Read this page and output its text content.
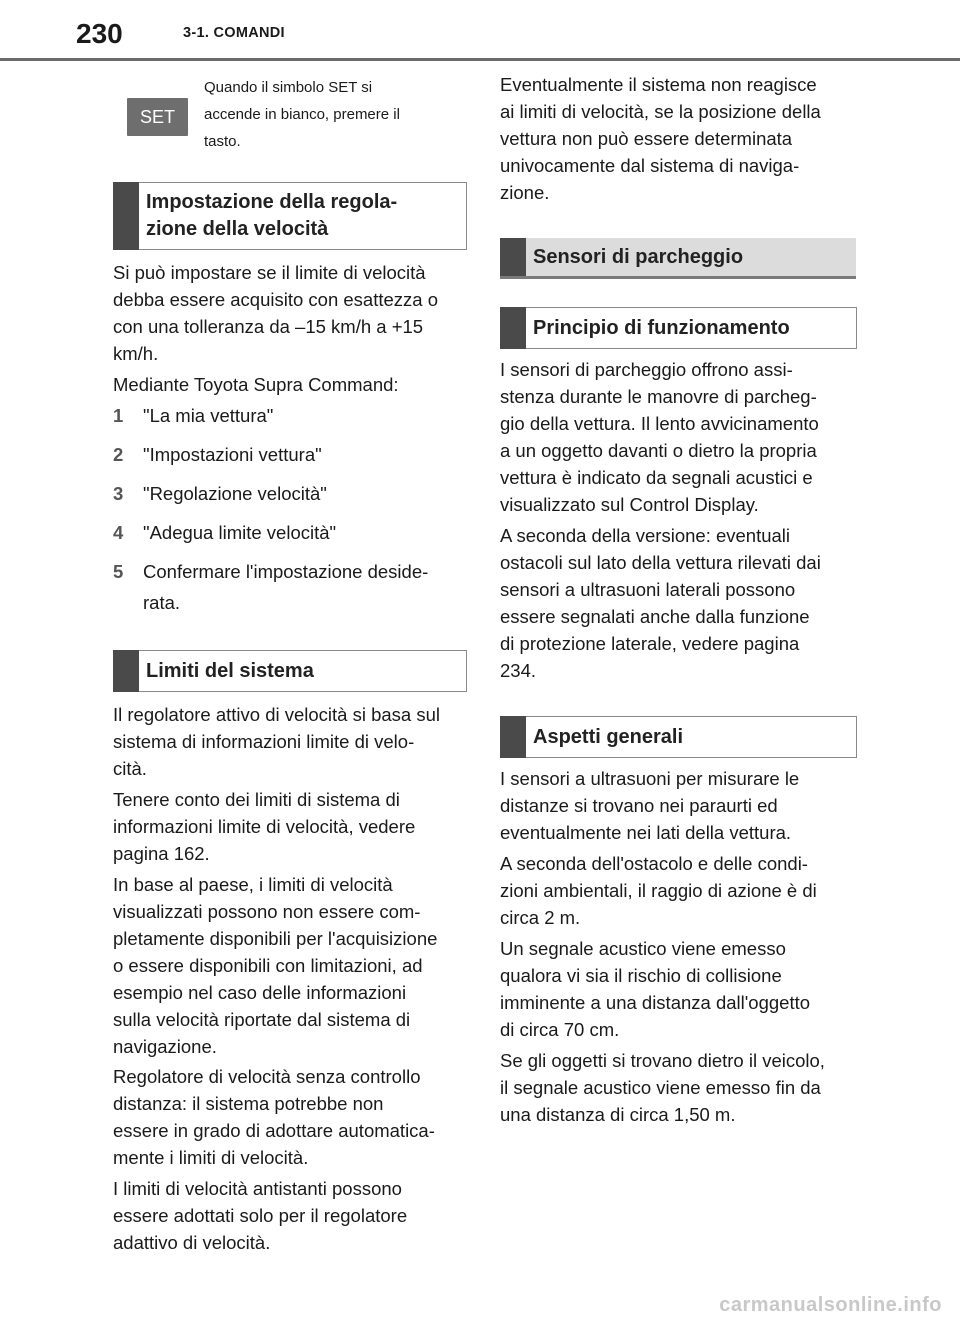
230	3-1. COMANDI
SET
Quando il simbolo SET si
accende in bianco, premere il
tasto.
Impostazione della regola-
zione della velocità

Si può impostare se il limite di velocità

debba essere acquisito con esattezza o

con una tolleranza da –15 km/h a +15

km/h.

Mediante Toyota Supra Command:

1 "La mia vettura"
2 "Impostazioni vettura"
3 "Regolazione velocità"
4 "Adegua limite velocità"
5 Confermare l'impostazione deside-
rata.
Limiti del sistema

Il regolatore attivo di velocità si basa sul

sistema di informazioni limite di velo-

cità.

Tenere conto dei limiti di sistema di

informazioni limite di velocità, vedere

pagina 162.

In base al paese, i limiti di velocità

visualizzati possono non essere com-

pletamente disponibili per l'acquisizione

o essere disponibili con limitazioni, ad

esempio nel caso delle informazioni

sulla velocità riportate dal sistema di

navigazione.

Regolatore di velocità senza controllo

distanza: il sistema potrebbe non

essere in grado di adottare automatica-

mente i limiti di velocità.

I limiti di velocità antistanti possono

essere adottati solo per il regolatore

adattivo di velocità.

Eventualmente il sistema non reagisce

ai limiti di velocità, se la posizione della

vettura non può essere determinata

univocamente dal sistema di naviga-

zione.

Sensori di parcheggio
Principio di funzionamento

I sensori di parcheggio offrono assi-

stenza durante le manovre di parcheg-

gio della vettura. Il lento avvicinamento

a un oggetto davanti o dietro la propria

vettura è indicato da segnali acustici e

visualizzato sul Control Display.

A seconda della versione: eventuali

ostacoli sul lato della vettura rilevati dai

sensori a ultrasuoni laterali possono

essere segnalati anche dalla funzione

di protezione laterale, vedere pagina

234.

Aspetti generali

I sensori a ultrasuoni per misurare le

distanze si trovano nei paraurti ed

eventualmente nei lati della vettura.

A seconda dell'ostacolo e delle condi-

zioni ambientali, il raggio di azione è di

circa 2 m.

Un segnale acustico viene emesso

qualora vi sia il rischio di collisione

imminente a una distanza dall'oggetto

di circa 70 cm.

Se gli oggetti si trovano dietro il veicolo,

il segnale acustico viene emesso fin da

una distanza di circa 1,50 m.

carmanualsonline.info
